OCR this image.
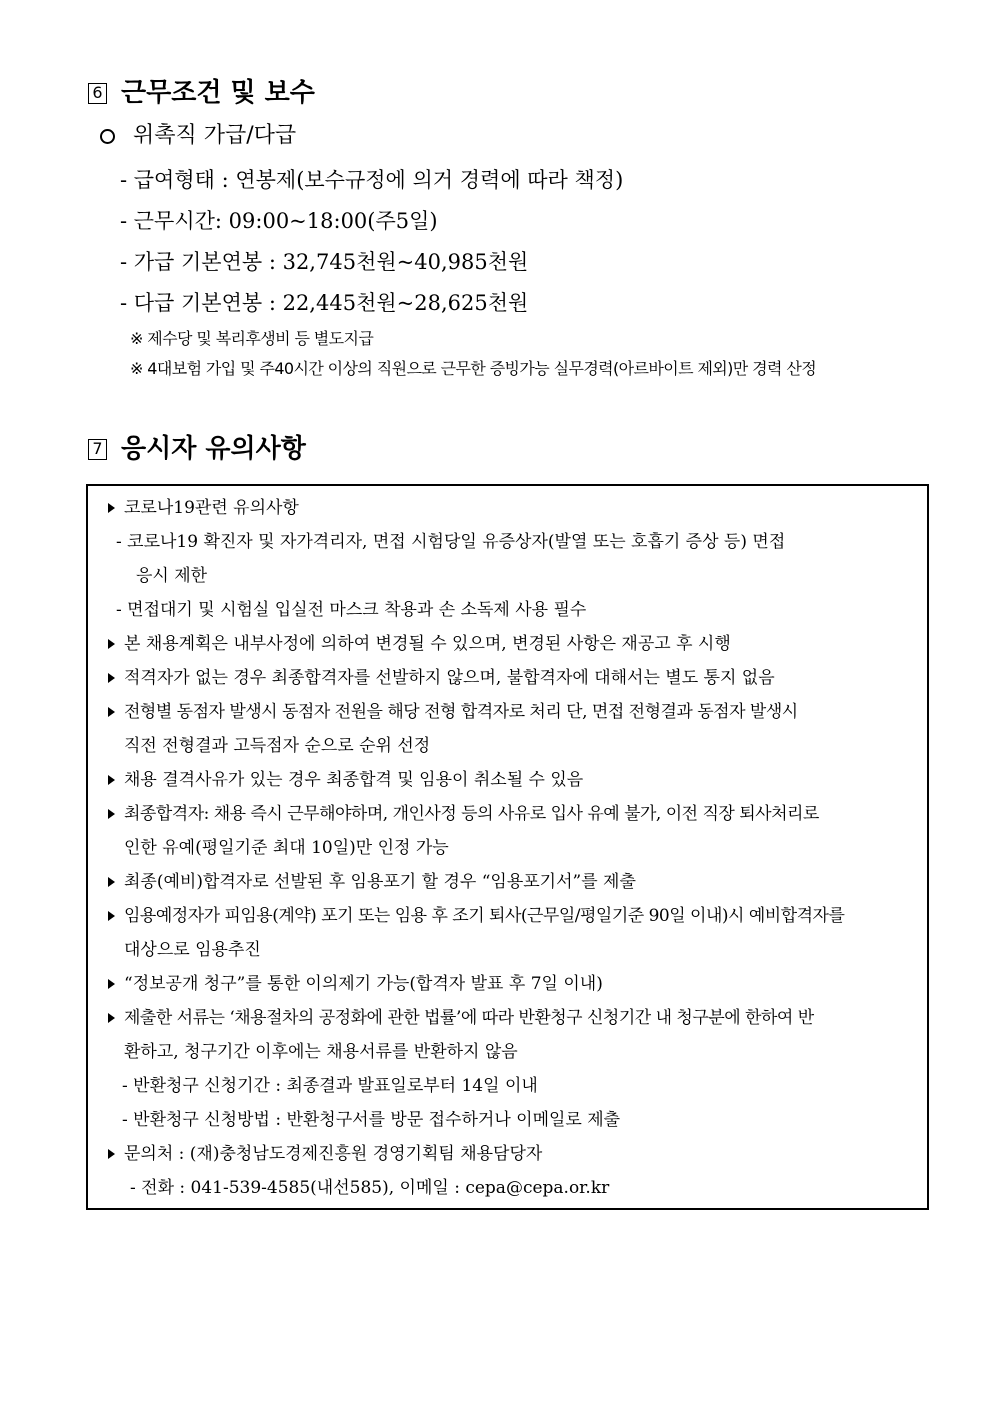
6 근무조건 및 보수
위촉직 가급/다급
- 급여형태 : 연봉제(보수규정에 의거 경력에 따라 책정)
- 근무시간: 09:00~18:00(주5일)
- 가급 기본연봉 : 32,745천원~40,985천원
- 다급 기본연봉 : 22,445천원~28,625천원
※ 제수당 및 복리후생비 등 별도지급
※ 4대보험 가입 및 주40시간 이상의 직원으로 근무한 증빙가능 실무경력(아르바이트 제외)만 경력 산정
7 응시자 유의사항
코로나19관련 유의사항
- 코로나19 확진자 및 자가격리자, 면접 시험당일 유증상자(발열 또는 호흡기 증상 등) 면접
응시 제한
- 면접대기 및 시험실 입실전 마스크 착용과 손 소독제 사용 필수
본 채용계획은 내부사정에 의하여 변경될 수 있으며, 변경된 사항은 재공고 후 시행
적격자가 없는 경우 최종합격자를 선발하지 않으며, 불합격자에 대해서는 별도 통지 없음
전형별 동점자 발생시 동점자 전원을 해당 전형 합격자로 처리 단, 면접 전형결과 동점자 발생시
직전 전형결과 고득점자 순으로 순위 선정
채용 결격사유가 있는 경우 최종합격 및 임용이 취소될 수 있음
최종합격자: 채용 즉시 근무해야하며, 개인사정 등의 사유로 입사 유예 불가, 이전 직장 퇴사처리로
인한 유예(평일기준 최대 10일)만 인정 가능
최종(예비)합격자로 선발된 후 임용포기 할 경우 “임용포기서”를 제출
임용예정자가 피임용(계약) 포기 또는 임용 후 조기 퇴사(근무일/평일기준 90일 이내)시 예비합격자를
대상으로 임용추진
“정보공개 청구”를 통한 이의제기 가능(합격자 발표 후 7일 이내)
제출한 서류는 ‘채용절차의 공정화에 관한 법률’에 따라 반환청구 신청기간 내 청구분에 한하여 반
환하고, 청구기간 이후에는 채용서류를 반환하지 않음
- 반환청구 신청기간 : 최종결과 발표일로부터 14일 이내
- 반환청구 신청방법 : 반환청구서를 방문 접수하거나 이메일로 제출
문의처 : (재)충청남도경제진흥원 경영기획팀 채용담당자
- 전화 : 041-539-4585(내선585), 이메일 : cepa@cepa.or.kr
